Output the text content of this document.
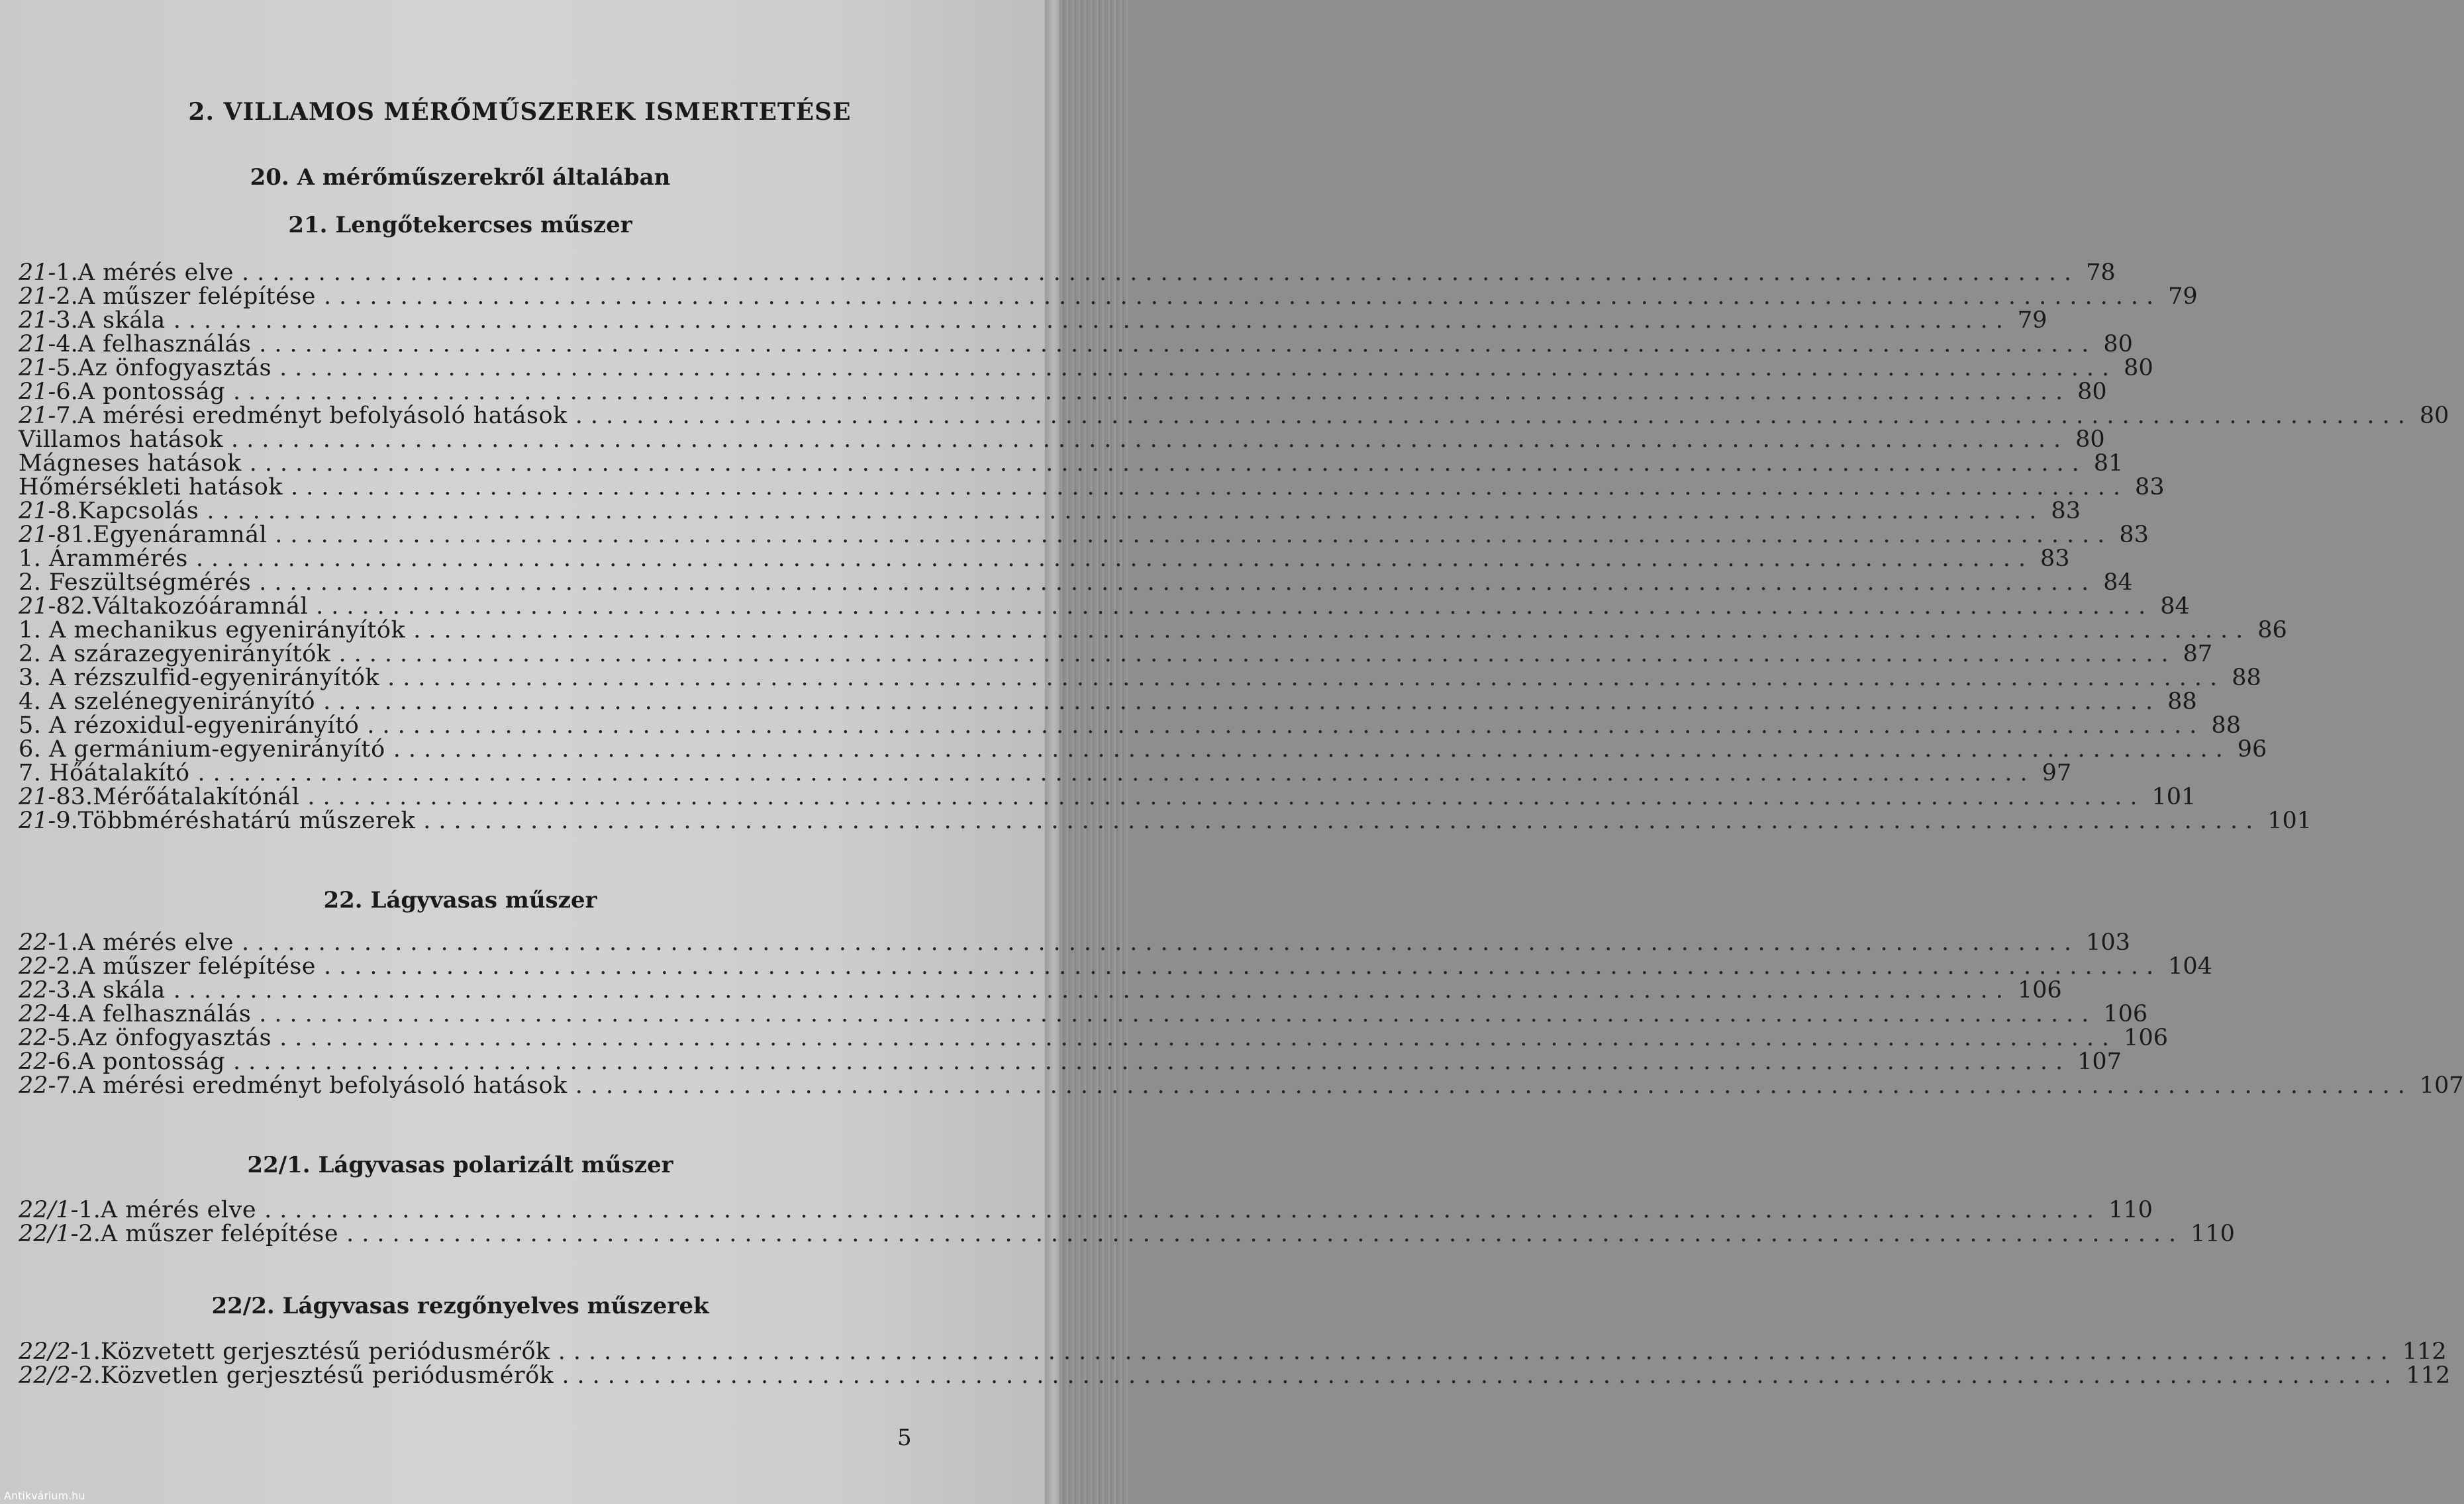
2. VILLAMOS MÉRŐMŰSZEREK ISMERTETÉSE
20. A mérőműszerekről általában
21. Lengőtekercses műszer
21-1. A mérés elve ........................................................................................................................ 78
21-2. A műszer felépítése ........................................................................................................................ 79
21-3. A skála ........................................................................................................................ 79
21-4. A felhasználás ........................................................................................................................ 80
21-5. Az önfogyasztás ........................................................................................................................ 80
21-6. A pontosság ........................................................................................................................ 80
21-7. A mérési eredményt befolyásoló hatások ........................................................................................................................ 80
Villamos hatások ........................................................................................................................ 80
Mágneses hatások ........................................................................................................................ 81
Hőmérsékleti hatások ........................................................................................................................ 83
21-8. Kapcsolás ........................................................................................................................ 83
21-81. Egyenáramnál ........................................................................................................................ 83
1. Árammérés ........................................................................................................................ 83
2. Feszültségmérés ........................................................................................................................ 84
21-82. Váltakozóáramnál ........................................................................................................................ 84
1. A mechanikus egyenirányítók ........................................................................................................................ 86
2. A szárazegyenirányítók ........................................................................................................................ 87
3. A rézszulfid-egyenirányítók ........................................................................................................................ 88
4. A szelénegyenirányító ........................................................................................................................ 88
5. A rézoxidul-egyenirányító ........................................................................................................................ 88
6. A germánium-egyenirányító ........................................................................................................................ 96
7. Hőátalakító ........................................................................................................................ 97
21-83. Mérőátalakítónál ........................................................................................................................ 101
21-9. Többméréshatárú műszerek ........................................................................................................................ 101
22. Lágyvasas műszer
22-1. A mérés elve ........................................................................................................................ 103
22-2. A műszer felépítése ........................................................................................................................ 104
22-3. A skála ........................................................................................................................ 106
22-4. A felhasználás ........................................................................................................................ 106
22-5. Az önfogyasztás ........................................................................................................................ 106
22-6. A pontosság ........................................................................................................................ 107
22-7. A mérési eredményt befolyásoló hatások ........................................................................................................................ 107
22/1. Lágyvasas polarizált műszer
22/1-1. A mérés elve ........................................................................................................................ 110
22/1-2. A műszer felépítése ........................................................................................................................ 110
22/2. Lágyvasas rezgőnyelves műszerek
22/2-1. Közvetett gerjesztésű periódusmérők ........................................................................................................................ 112
22/2-2. Közvetlen gerjesztésű periódusmérők ........................................................................................................................ 112
5
Antikvárium.hu
